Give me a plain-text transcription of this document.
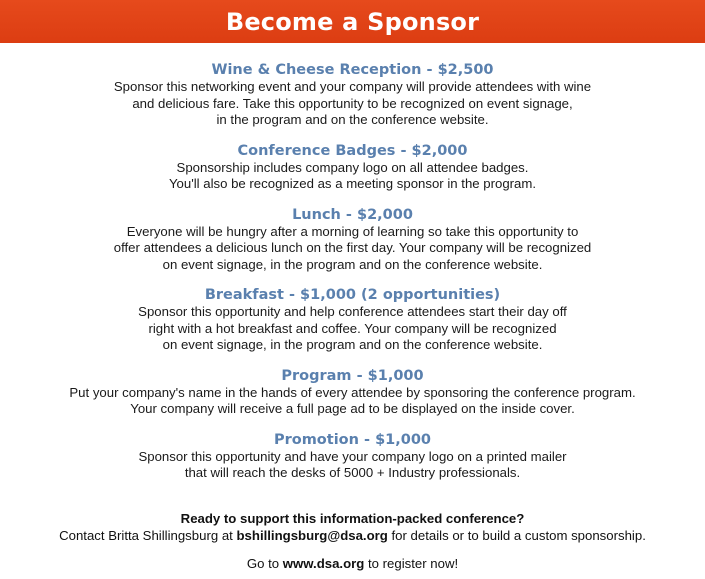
Become a Sponsor
Wine & Cheese Reception - $2,500
Sponsor this networking event and your company will provide attendees with wine
and delicious fare. Take this opportunity to be recognized on event signage,
in the program and on the conference website.
Conference Badges - $2,000
Sponsorship includes company logo on all attendee badges.
You'll also be recognized as a meeting sponsor in the program.
Lunch - $2,000
Everyone will be hungry after a morning of learning so take this opportunity to
offer attendees a delicious lunch on the first day. Your company will be recognized
on event signage, in the program and on the conference website.
Breakfast - $1,000 (2 opportunities)
Sponsor this opportunity and help conference attendees start their day off
right with a hot breakfast and coffee. Your company will be recognized
on event signage, in the program and on the conference website.
Program - $1,000
Put your company's name in the hands of every attendee by sponsoring the conference program.
Your company will receive a full page ad to be displayed on the inside cover.
Promotion - $1,000
Sponsor this opportunity and have your company logo on a printed mailer
that will reach the desks of 5000 + Industry professionals.
Ready to support this information-packed conference?
Contact Britta Shillingsburg at bshillingsburg@dsa.org for details or to build a custom sponsorship.
Go to www.dsa.org to register now!
